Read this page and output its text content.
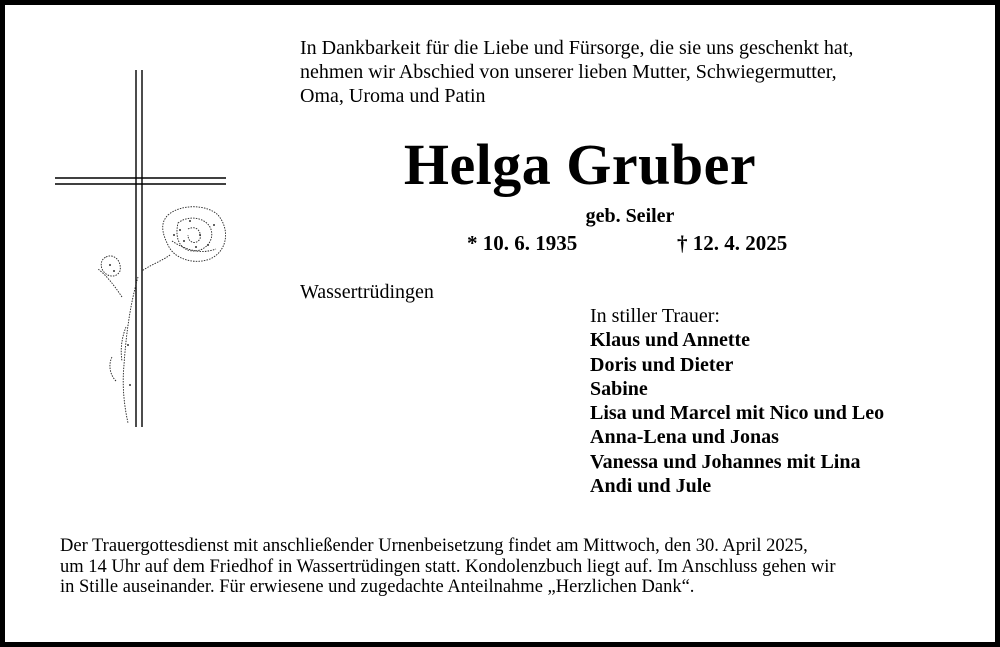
In Dankbarkeit für die Liebe und Fürsorge, die sie uns geschenkt hat,
nehmen wir Abschied von unserer lieben Mutter, Schwiegermutter,
Oma, Uroma und Patin
Helga Gruber
geb. Seiler
* 10. 6. 1935	† 12. 4. 2025
Wassertrüdingen
In stiller Trauer:
Klaus und Annette
Doris und Dieter
Sabine
Lisa und Marcel mit Nico und Leo
Anna-Lena und Jonas
Vanessa und Johannes mit Lina
Andi und Jule
Der Trauergottesdienst mit anschließender Urnenbeisetzung findet am Mittwoch, den 30. April 2025,
um 14 Uhr auf dem Friedhof in Wassertrüdingen statt. Kondolenzbuch liegt auf. Im Anschluss gehen wir
in Stille auseinander. Für erwiesene und zugedachte Anteilnahme „Herzlichen Dank“.
